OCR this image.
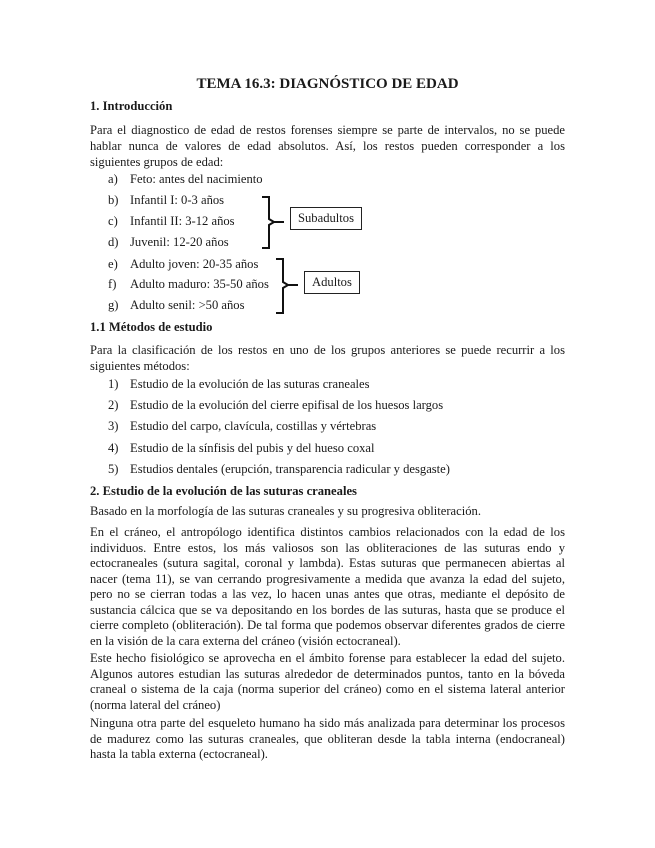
TEMA 16.3: DIAGNÓSTICO DE EDAD
1. Introducción
Para el diagnostico de edad de restos forenses siempre se parte de intervalos, no se puede hablar nunca de valores de edad absolutos. Así, los restos pueden corresponder a los siguientes grupos de edad:
a) Feto: antes del nacimiento
b) Infantil I: 0-3 años
c) Infantil II: 3-12 años
d) Juvenil: 12-20 años
e) Adulto joven: 20-35 años
f) Adulto maduro: 35-50 años
g) Adulto senil: >50 años
Subadultos
Adultos
1.1 Métodos de estudio
Para la clasificación de los restos en uno de los grupos anteriores se puede recurrir a los siguientes métodos:
1) Estudio de la evolución de las suturas craneales
2) Estudio de la evolución del cierre epifisal de los huesos largos
3) Estudio del carpo, clavícula, costillas y vértebras
4) Estudio de la sínfisis del pubis y del hueso coxal
5) Estudios dentales (erupción, transparencia radicular y desgaste)
2. Estudio de la evolución de las suturas craneales
Basado en la morfología de las suturas craneales y su progresiva obliteración.
En el cráneo, el antropólogo identifica distintos cambios relacionados con la edad de los individuos. Entre estos, los más valiosos son las obliteraciones de las suturas endo y ectocraneales (sutura sagital, coronal y lambda). Estas suturas que permanecen abiertas al nacer (tema 11), se van cerrando progresivamente a medida que avanza la edad del sujeto, pero no se cierran todas a las vez, lo hacen unas antes que otras, mediante el depósito de sustancia cálcica que se va depositando en los bordes de las suturas, hasta que se produce el cierre completo (obliteración). De tal forma que podemos observar diferentes grados de cierre en la visión de la cara externa del cráneo (visión ectocraneal).
Este hecho fisiológico se aprovecha en el ámbito forense para establecer la edad del sujeto. Algunos autores estudian las suturas alrededor de determinados puntos, tanto en la bóveda craneal o sistema de la caja (norma superior del cráneo) como en el sistema lateral anterior (norma lateral del cráneo)
Ninguna otra parte del esqueleto humano ha sido más analizada para determinar los procesos de madurez como las suturas craneales, que obliteran desde la tabla interna (endocraneal) hasta la tabla externa (ectocraneal).
